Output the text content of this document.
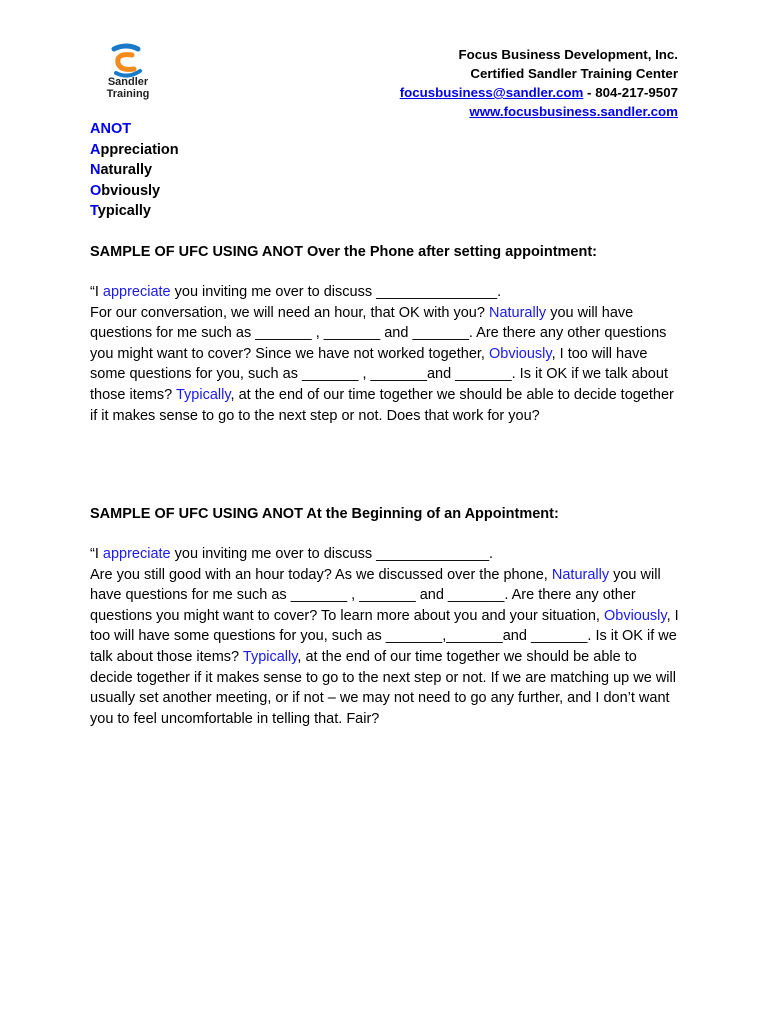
Sandler Training
Focus Business Development, Inc.
Certified Sandler Training Center
focusbusiness@sandler.com - 804-217-9507
www.focusbusiness.sandler.com
ANOT
Appreciation
Naturally
Obviously
Typically
SAMPLE OF UFC USING ANOT Over the Phone after setting appointment:

“I appreciate you inviting me over to discuss _______________.

For our conversation, we will need an hour, that OK with you? Naturally you will have questions for me such as _______ , _______ and _______. Are there any other questions you might want to cover? Since we have not worked together, Obviously, I too will have some questions for you, such as _______ , _______and _______. Is it OK if we talk about those items? Typically, at the end of our time together we should be able to decide together if it makes sense to go to the next step or not. Does that work for you?

SAMPLE OF UFC USING ANOT At the Beginning of an Appointment:

“I appreciate you inviting me over to discuss ______________.

Are you still good with an hour today? As we discussed over the phone, Naturally you will have questions for me such as _______ , _______ and _______. Are there any other questions you might want to cover? To learn more about you and your situation, Obviously, I too will have some questions for you, such as _______,_______and _______. Is it OK if we talk about those items? Typically, at the end of our time together we should be able to decide together if it makes sense to go to the next step or not. If we are matching up we will usually set another meeting, or if not – we may not need to go any further, and I don’t want you to feel uncomfortable in telling that. Fair?
